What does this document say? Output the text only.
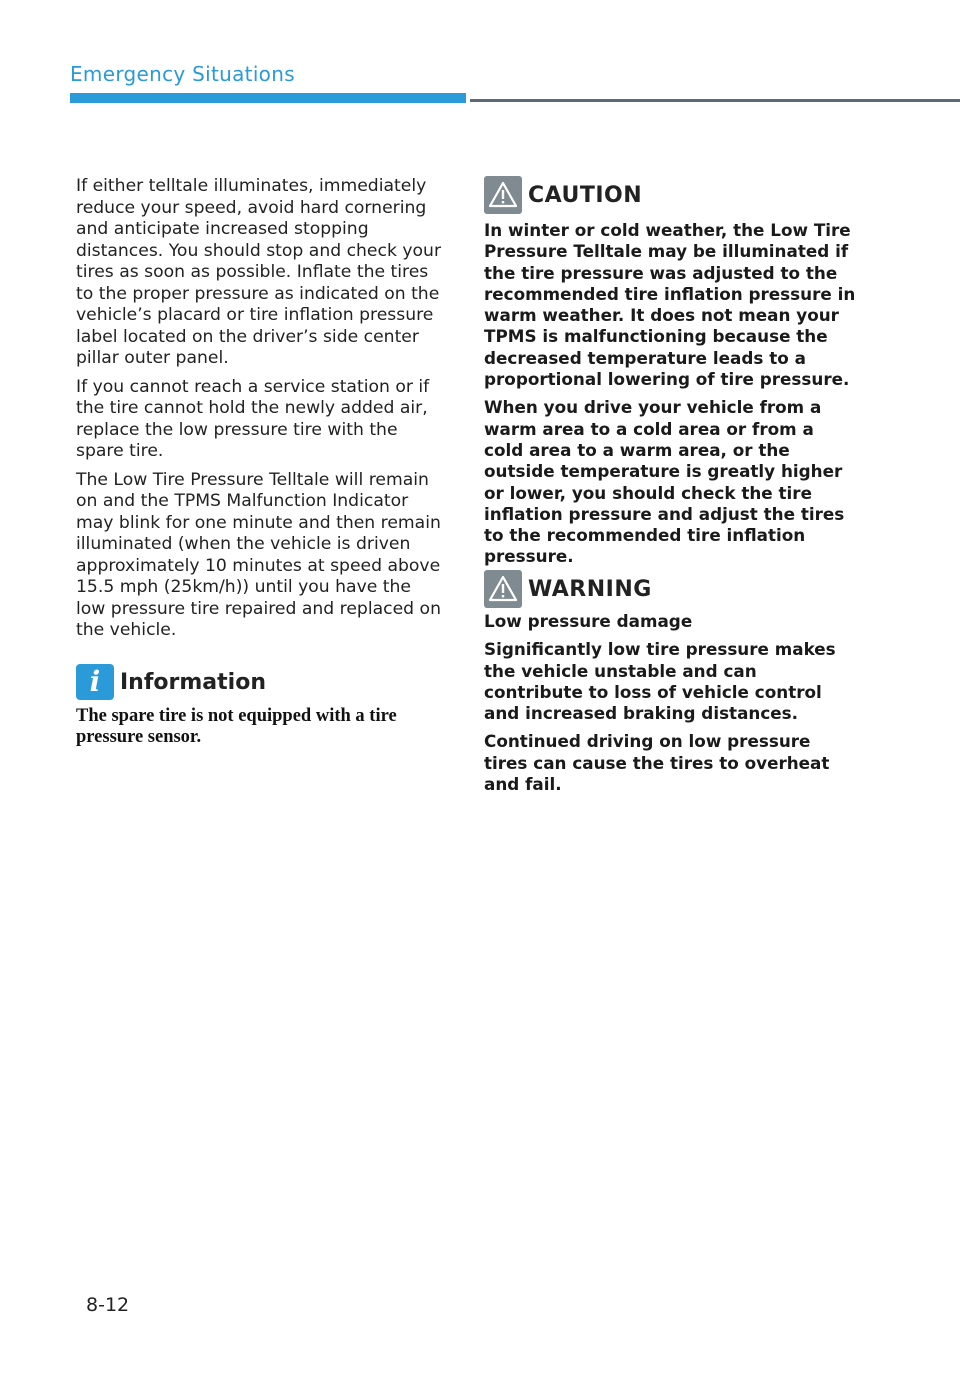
Emergency Situations

If either telltale illuminates, immediately reduce your speed, avoid hard cornering and anticipate increased stopping distances. You should stop and check your tires as soon as possible. Inflate the tires to the proper pressure as indicated on the vehicle’s placard or tire inflation pressure label located on the driver’s side center pillar outer panel.

If you cannot reach a service station or if the tire cannot hold the newly added air, replace the low pressure tire with the spare tire.

The Low Tire Pressure Telltale will remain on and the TPMS Malfunction Indicator may blink for one minute and then remain illuminated (when the vehicle is driven approximately 10 minutes at speed above 15.5 mph (25km/h)) until you have the low pressure tire repaired and replaced on the vehicle.

i Information
The spare tire is not equipped with a tire pressure sensor.
CAUTION

In winter or cold weather, the Low Tire Pressure Telltale may be illuminated if the tire pressure was adjusted to the recommended tire inflation pressure in warm weather. It does not mean your TPMS is malfunctioning because the decreased temperature leads to a proportional lowering of tire pressure.

When you drive your vehicle from a warm area to a cold area or from a cold area to a warm area, or the outside temperature is greatly higher or lower, you should check the tire inflation pressure and adjust the tires to the recommended tire inflation pressure.

WARNING

Low pressure damage

Significantly low tire pressure makes the vehicle unstable and can contribute to loss of vehicle control and increased braking distances.

Continued driving on low pressure tires can cause the tires to overheat and fail.

8-12
